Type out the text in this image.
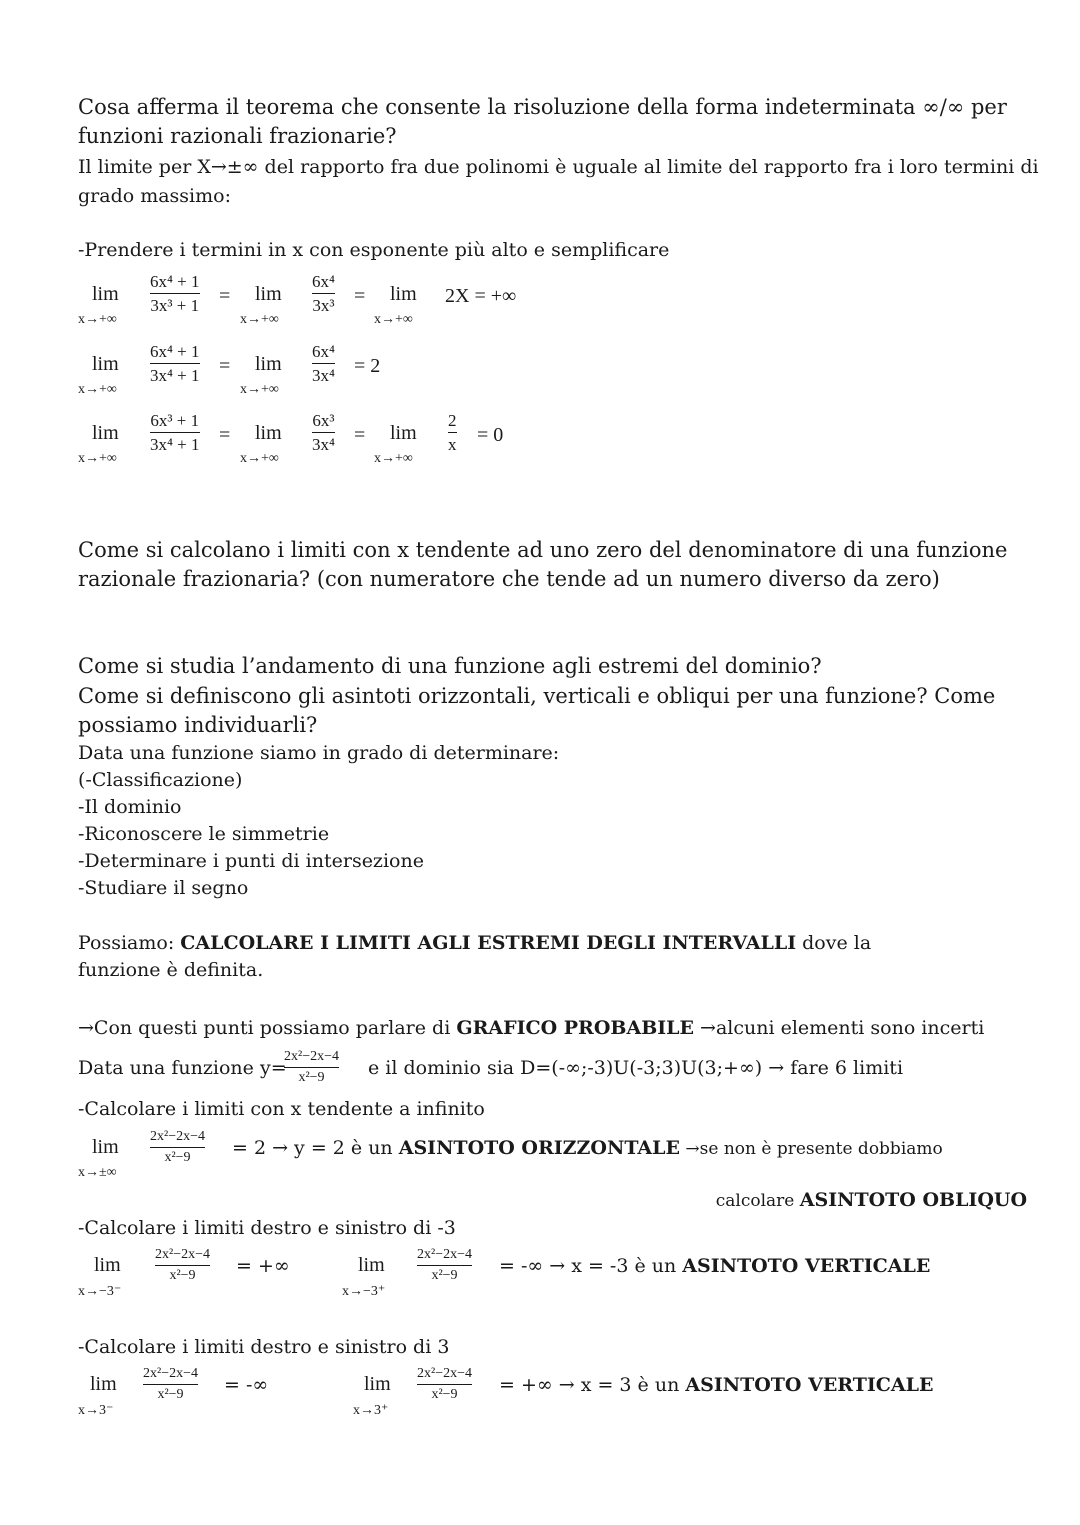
Cosa afferma il teorema che consente la risoluzione della forma indeterminata ∞/∞ per
funzioni razionali frazionarie?
Il limite per X→±∞ del rapporto fra due polinomi è uguale al limite del rapporto fra i loro termini di
grado massimo:
-Prendere i termini in x con esponente più alto e semplificare
lim
x→+∞
6x⁴ + 1
3x³ + 1 = lim
x→+∞
6x⁴
3x³ = lim
x→+∞
2X = +∞
lim
x→+∞
6x⁴ + 1
3x⁴ + 1 = lim
x→+∞
6x⁴
3x⁴ = 2
lim
x→+∞
6x³ + 1
3x⁴ + 1 = lim
x→+∞
6x³
3x⁴ = lim
x→+∞
2
x = 0
Come si calcolano i limiti con x tendente ad uno zero del denominatore di una funzione
razionale frazionaria? (con numeratore che tende ad un numero diverso da zero)
Come si studia l’andamento di una funzione agli estremi del dominio?
Come si definiscono gli asintoti orizzontali, verticali e obliqui per una funzione? Come
possiamo individuarli?
Data una funzione siamo in grado di determinare:
(-Classificazione)
-Il dominio
-Riconoscere le simmetrie
-Determinare i punti di intersezione
-Studiare il segno
Possiamo: CALCOLARE I LIMITI AGLI ESTREMI DEGLI INTERVALLI dove la
funzione è definita.
→Con questi punti possiamo parlare di GRAFICO PROBABILE →alcuni elementi sono incerti
Data una funzione y=
2x²−2x−4
x²−9 e il dominio sia D=(-∞;-3)U(-3;3)U(3;+∞) → fare 6 limiti
-Calcolare i limiti con x tendente a infinito
lim
x→±∞
2x²−2x−4
x²−9 = 2 → y = 2 è un ASINTOTO ORIZZONTALE →se non è presente dobbiamo
calcolare ASINTOTO OBLIQUO
-Calcolare i limiti destro e sinistro di -3
lim
x→−3⁻
2x²−2x−4
x²−9 = +∞	lim
x→−3⁺
2x²−2x−4
x²−9 = -∞ → x = -3 è un ASINTOTO VERTICALE
-Calcolare i limiti destro e sinistro di 3
lim
x→3⁻
2x²−2x−4
x²−9 = -∞	lim
x→3⁺
2x²−2x−4
x²−9 = +∞ → x = 3 è un ASINTOTO VERTICALE
